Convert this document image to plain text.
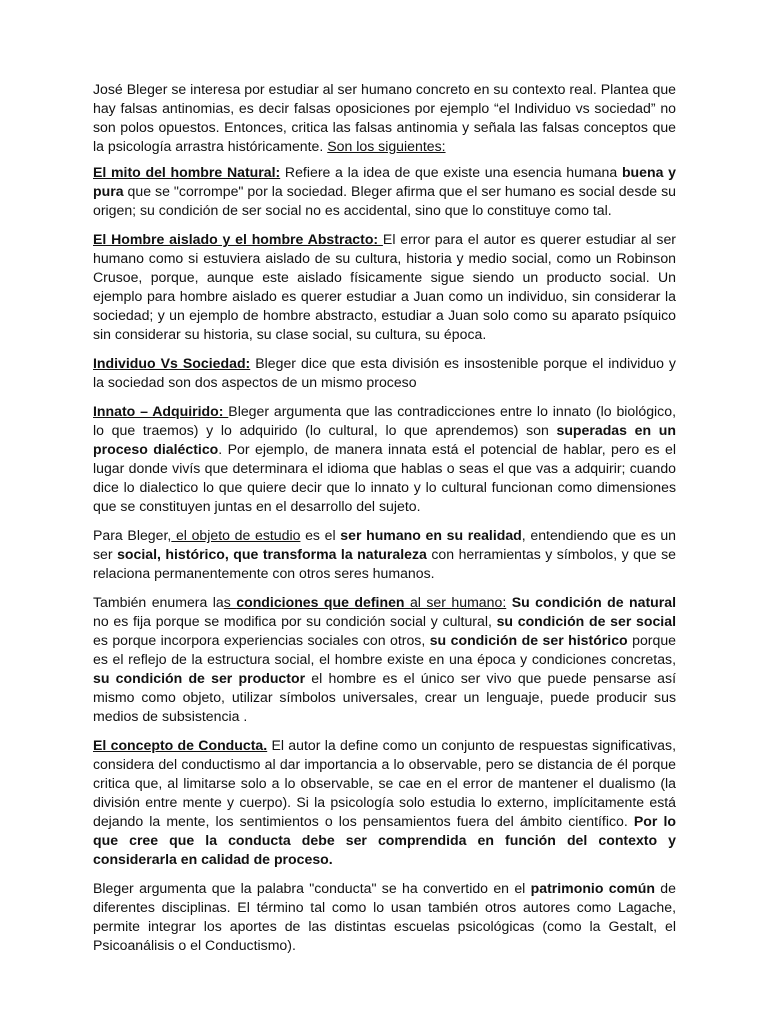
José Bleger se interesa por estudiar al ser humano concreto en su contexto real. Plantea que hay falsas antinomias, es decir falsas oposiciones por ejemplo “el Individuo vs sociedad” no son polos opuestos. Entonces, critica las falsas antinomia y señala las falsas conceptos que la psicología arrastra históricamente. Son los siguientes:

El mito del hombre Natural: Refiere a la idea de que existe una esencia humana buena y pura que se "corrompe" por la sociedad. Bleger afirma que el ser humano es social desde su origen; su condición de ser social no es accidental, sino que lo constituye como tal.

El Hombre aislado y el hombre Abstracto: El error para el autor es querer estudiar al ser humano como si estuviera aislado de su cultura, historia y medio social, como un Robinson Crusoe, porque, aunque este aislado físicamente sigue siendo un producto social. Un ejemplo para hombre aislado es querer estudiar a Juan como un individuo, sin considerar la sociedad; y un ejemplo de hombre abstracto, estudiar a Juan solo como su aparato psíquico sin considerar su historia, su clase social, su cultura, su época.

Individuo Vs Sociedad: Bleger dice que esta división es insostenible porque el individuo y la sociedad son dos aspectos de un mismo proceso

Innato – Adquirido: Bleger argumenta que las contradicciones entre lo innato (lo biológico, lo que traemos) y lo adquirido (lo cultural, lo que aprendemos) son superadas en un proceso dialéctico. Por ejemplo, de manera innata está el potencial de hablar, pero es el lugar donde vivís que determinara el idioma que hablas o seas el que vas a adquirir; cuando dice lo dialectico lo que quiere decir que lo innato y lo cultural funcionan como dimensiones que se constituyen juntas en el desarrollo del sujeto.

Para Bleger, el objeto de estudio es el ser humano en su realidad, entendiendo que es un ser social, histórico, que transforma la naturaleza con herramientas y símbolos, y que se relaciona permanentemente con otros seres humanos.

También enumera las condiciones que definen al ser humano: Su condición de natural no es fija porque se modifica por su condición social y cultural, su condición de ser social es porque incorpora experiencias sociales con otros, su condición de ser histórico porque es el reflejo de la estructura social, el hombre existe en una época y condiciones concretas, su condición de ser productor el hombre es el único ser vivo que puede pensarse así mismo como objeto, utilizar símbolos universales, crear un lenguaje, puede producir sus medios de subsistencia .

El concepto de Conducta. El autor la define como un conjunto de respuestas significativas, considera del conductismo al dar importancia a lo observable, pero se distancia de él porque critica que, al limitarse solo a lo observable, se cae en el error de mantener el dualismo (la división entre mente y cuerpo). Si la psicología solo estudia lo externo, implícitamente está dejando la mente, los sentimientos o los pensamientos fuera del ámbito científico. Por lo que cree que la conducta debe ser comprendida en función del contexto y considerarla en calidad de proceso.

Bleger argumenta que la palabra "conducta" se ha convertido en el patrimonio común de diferentes disciplinas. El término tal como lo usan también otros autores como Lagache, permite integrar los aportes de las distintas escuelas psicológicas (como la Gestalt, el Psicoanálisis o el Conductismo).
